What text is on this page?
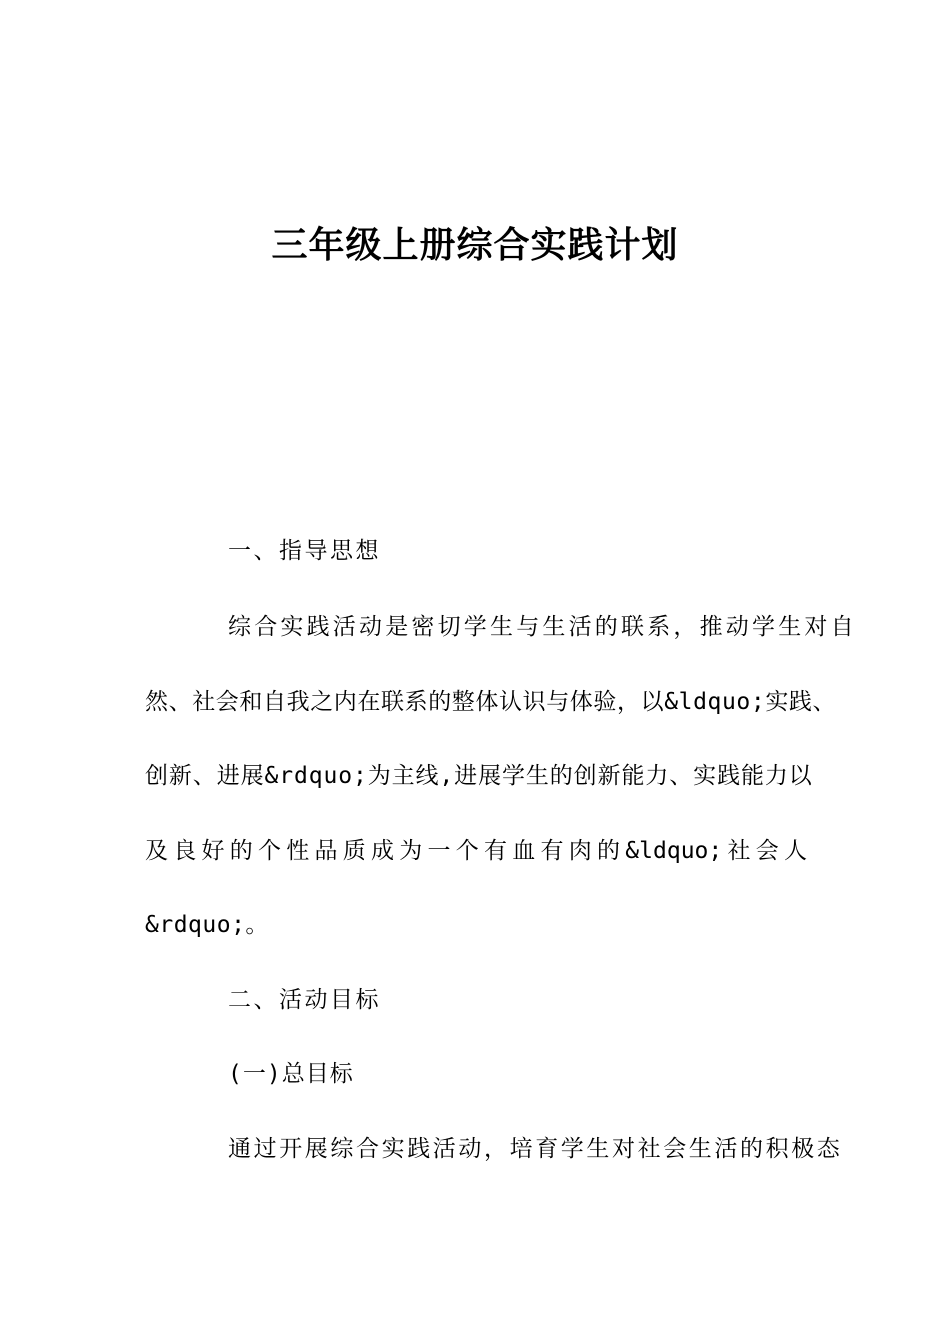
三年级上册综合实践计划
一、指导思想
综合实践活动是密切学生与生活的联系，推动学生对自
然、社会和自我之内在联系的整体认识与体验，以&ldquo;实践、
创新、进展&rdquo;为主线,进展学生的创新能力、实践能力以
及良好的个性品质成为一个有血有肉的&ldquo;社会人
&rdquo;。
二、活动目标
(一)总目标
通过开展综合实践活动，培育学生对社会生活的积极态
